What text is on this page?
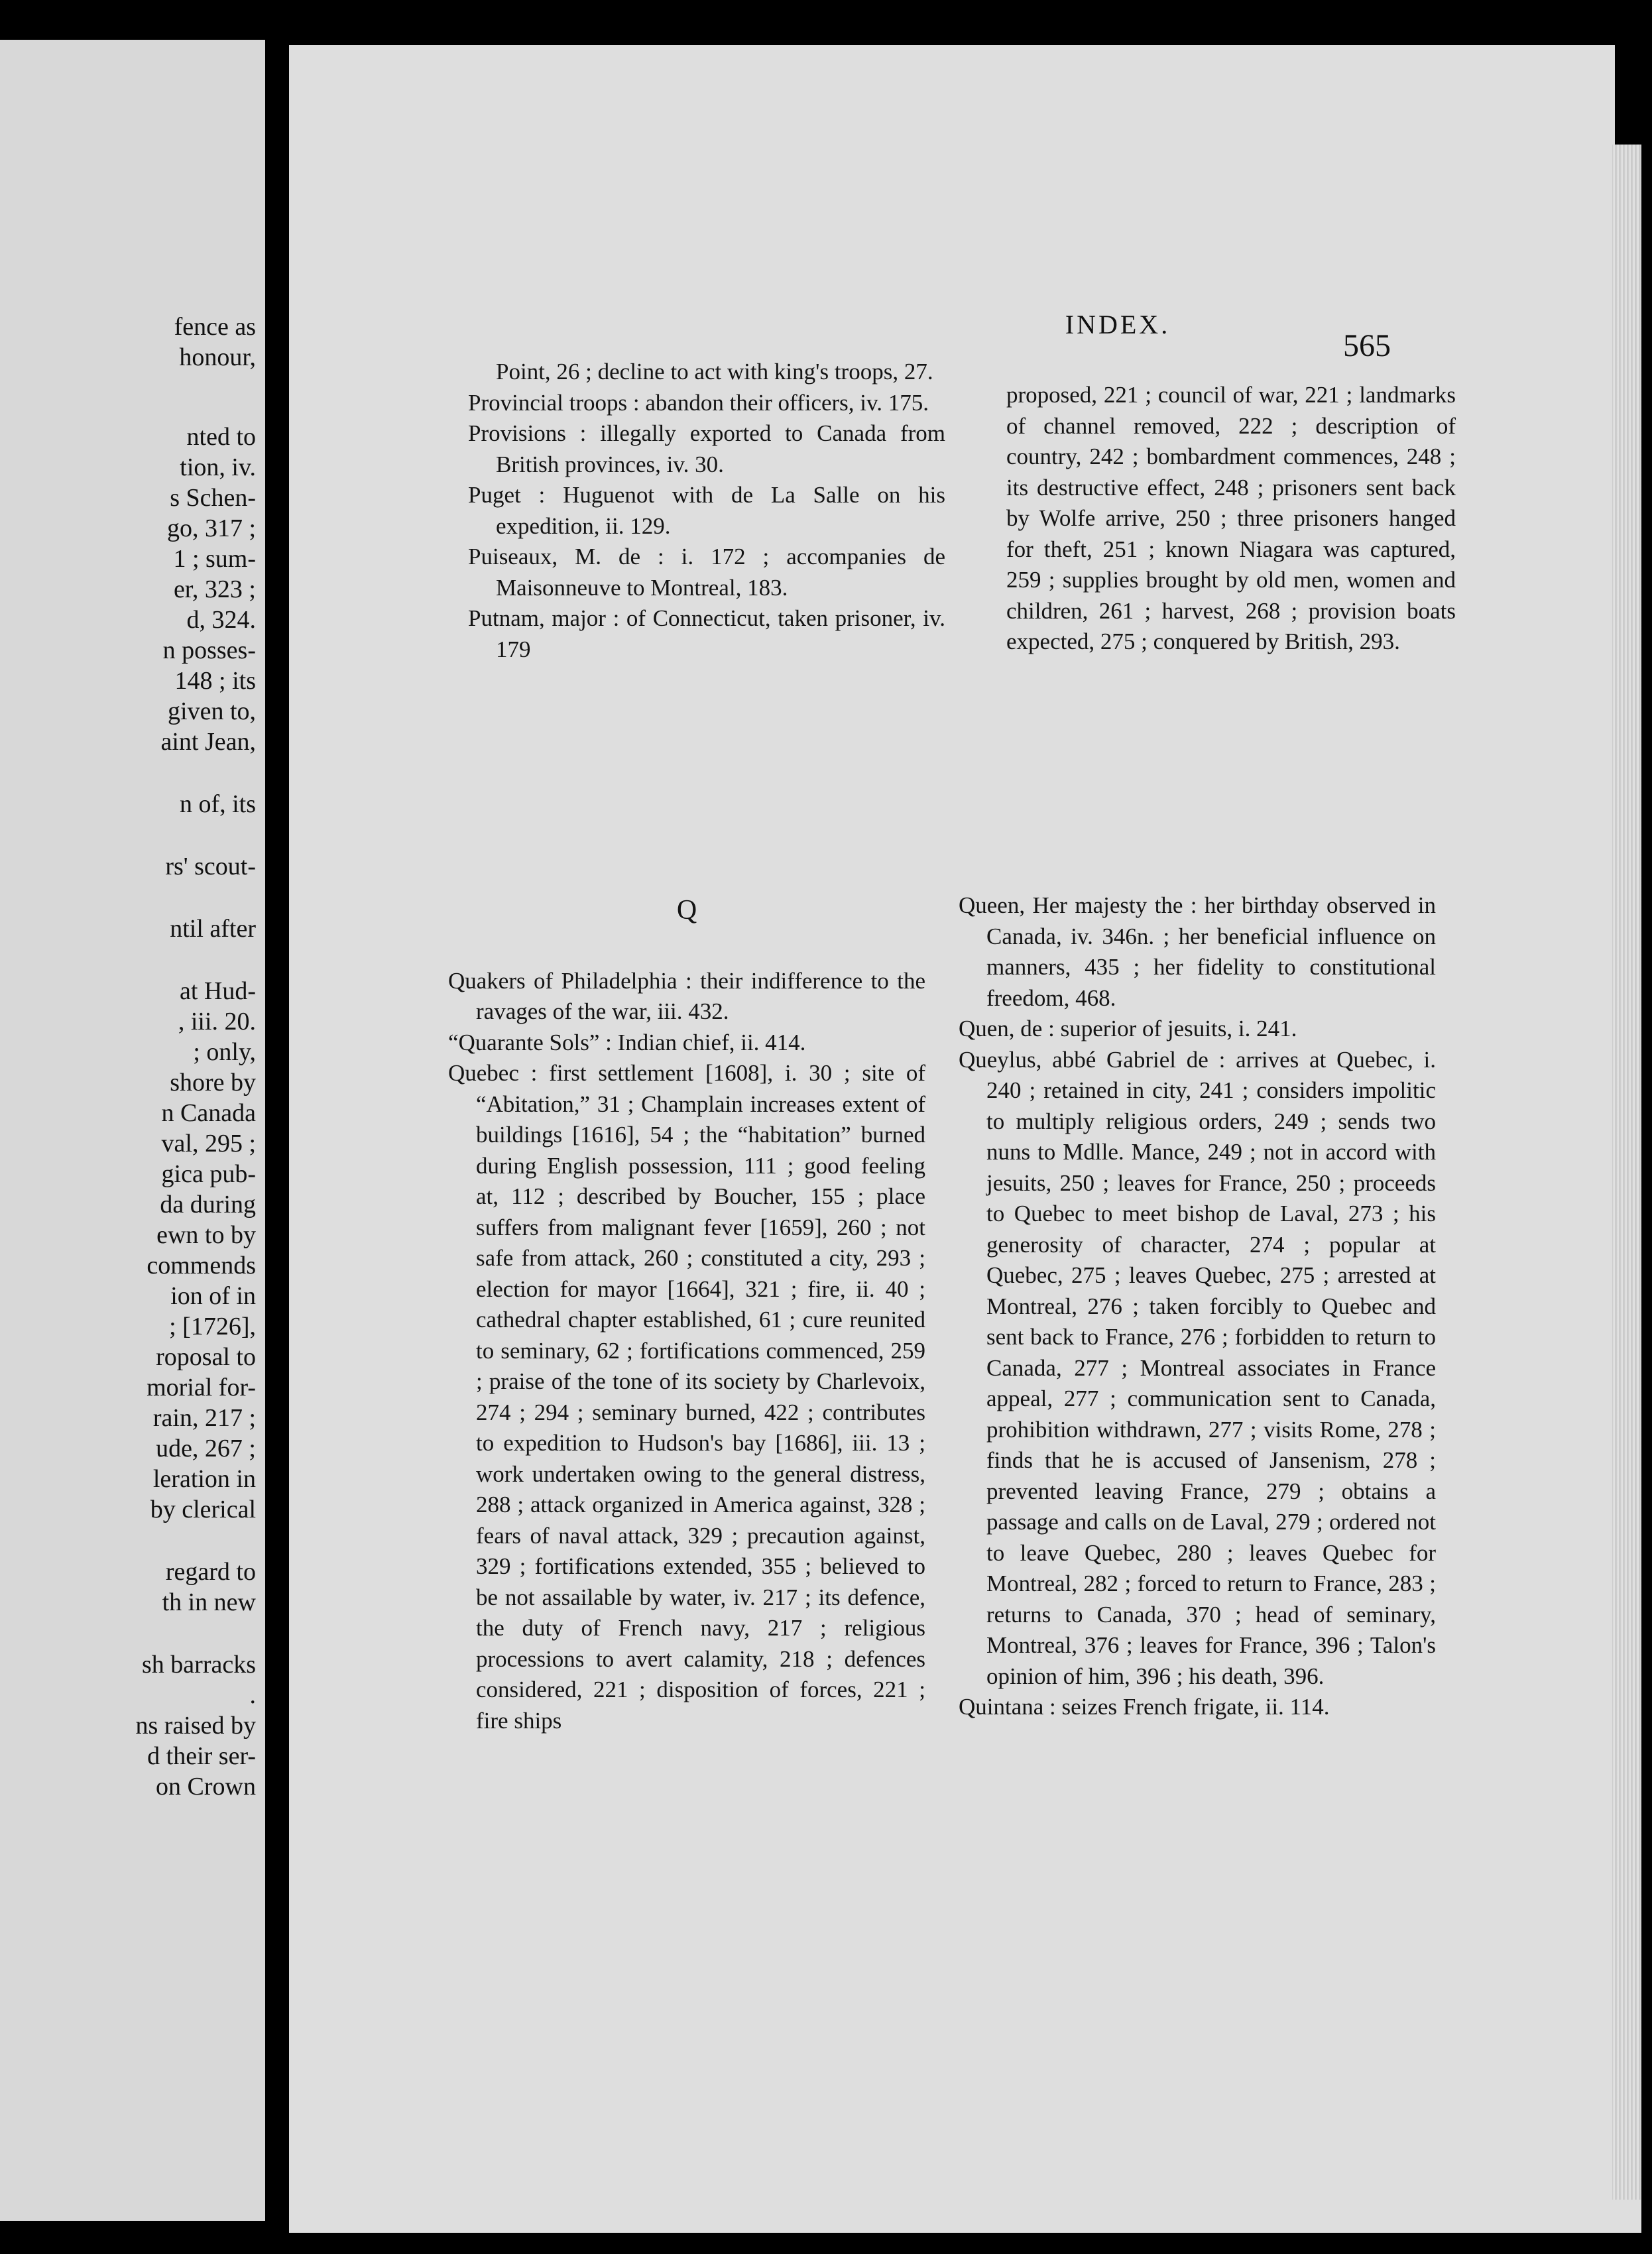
fence as
honour,
nted to
tion, iv.
s Schen-
go, 317 ;
1 ; sum-
er, 323 ;
d, 324.
n posses-
148 ; its
given to,
aint Jean,
n of, its
rs' scout-
ntil after
at Hud-
, iii. 20.
; only,
shore by
n Canada
val, 295 ;
gica pub-
da during
ewn to by
commends
ion of in
; [1726],
roposal to
morial for-
rain, 217 ;
ude, 267 ;
leration in
by clerical
regard to
th in new
sh barracks
.
ns raised by
d their ser-
on Crown
INDEX.
565

Point, 26 ; decline to act with king's troops, 27.

Provincial troops : abandon their officers, iv. 175.

Provisions : illegally exported to Canada from British provinces, iv. 30.

Puget : Huguenot with de La Salle on his expedition, ii. 129.

Puiseaux, M. de : i. 172 ; accompanies de Maisonneuve to Montreal, 183.

Putnam, major : of Connecticut, taken prisoner, iv. 179

Q

Quakers of Philadelphia : their indifference to the ravages of the war, iii. 432.

“Quarante Sols” : Indian chief, ii. 414.

Quebec : first settlement [1608], i. 30 ; site of “Abitation,” 31 ; Champlain increases extent of buildings [1616], 54 ; the “habitation” burned during English possession, 111 ; good feeling at, 112 ; described by Boucher, 155 ; place suffers from malignant fever [1659], 260 ; not safe from attack, 260 ; constituted a city, 293 ; election for mayor [1664], 321 ; fire, ii. 40 ; cathedral chapter established, 61 ; cure reunited to seminary, 62 ; fortifications commenced, 259 ; praise of the tone of its society by Charlevoix, 274 ; 294 ; seminary burned, 422 ; contributes to expedition to Hudson's bay [1686], iii. 13 ; work undertaken owing to the general distress, 288 ; attack organized in America against, 328 ; fears of naval attack, 329 ; precaution against, 329 ; fortifications extended, 355 ; believed to be not assailable by water, iv. 217 ; its defence, the duty of French navy, 217 ; religious processions to avert calamity, 218 ; defences considered, 221 ; disposition of forces, 221 ; fire ships

proposed, 221 ; council of war, 221 ; landmarks of channel removed, 222 ; description of country, 242 ; bombardment commences, 248 ; its destructive effect, 248 ; prisoners sent back by Wolfe arrive, 250 ; three prisoners hanged for theft, 251 ; known Niagara was captured, 259 ; supplies brought by old men, women and children, 261 ; harvest, 268 ; provision boats expected, 275 ; conquered by British, 293.

Queen, Her majesty the : her birthday observed in Canada, iv. 346n. ; her beneficial influence on manners, 435 ; her fidelity to constitutional freedom, 468.

Quen, de : superior of jesuits, i. 241.

Queylus, abbé Gabriel de : arrives at Quebec, i. 240 ; retained in city, 241 ; considers impolitic to multiply religious orders, 249 ; sends two nuns to Mdlle. Mance, 249 ; not in accord with jesuits, 250 ; leaves for France, 250 ; proceeds to Quebec to meet bishop de Laval, 273 ; his generosity of character, 274 ; popular at Quebec, 275 ; leaves Quebec, 275 ; arrested at Montreal, 276 ; taken forcibly to Quebec and sent back to France, 276 ; forbidden to return to Canada, 277 ; Montreal associates in France appeal, 277 ; communication sent to Canada, prohibition withdrawn, 277 ; visits Rome, 278 ; finds that he is accused of Jansenism, 278 ; prevented leaving France, 279 ; obtains a passage and calls on de Laval, 279 ; ordered not to leave Quebec, 280 ; leaves Quebec for Montreal, 282 ; forced to return to France, 283 ; returns to Canada, 370 ; head of seminary, Montreal, 376 ; leaves for France, 396 ; Talon's opinion of him, 396 ; his death, 396.

Quintana : seizes French frigate, ii. 114.
